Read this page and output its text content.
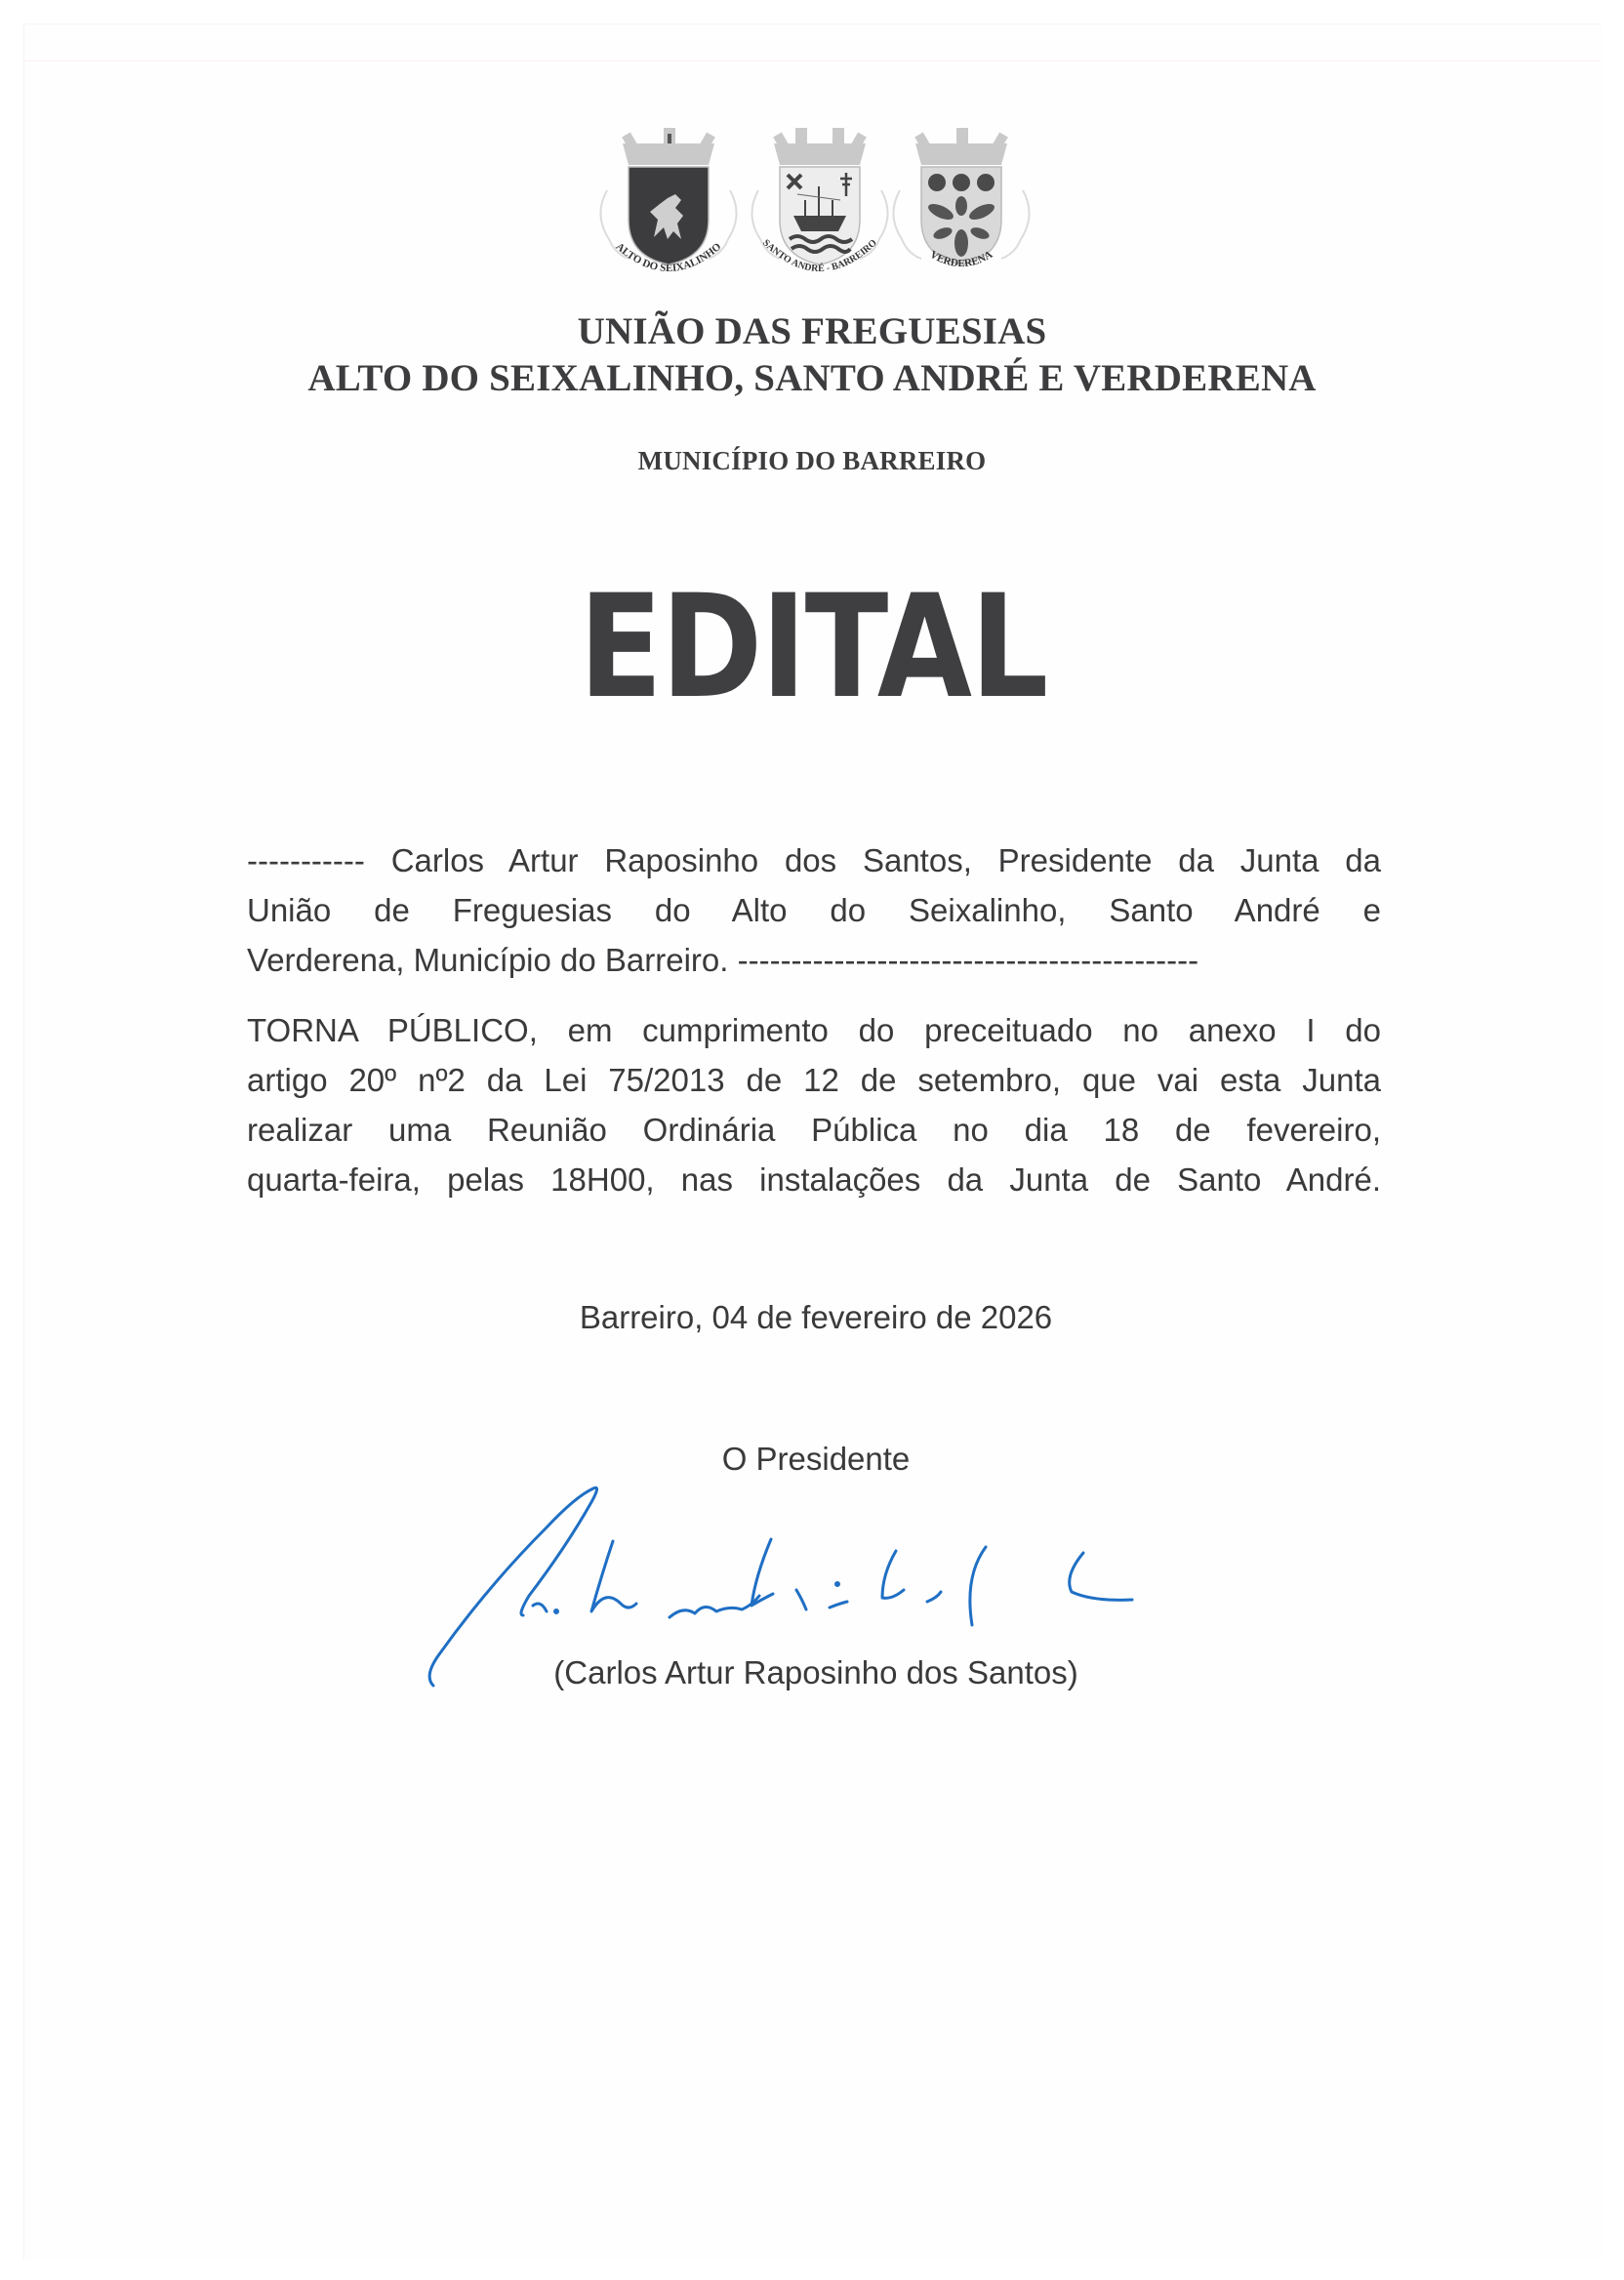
ALTO DO SEIXALINHO	SANTO ANDRÉ - BARREIRO
VERDERENA
UNIÃO DAS FREGUESIAS
ALTO DO SEIXALINHO, SANTO ANDRÉ E VERDERENA
MUNICÍPIO DO BARREIRO
EDITAL
----------- Carlos Artur Raposinho dos Santos, Presidente da Junta da
União de Freguesias do Alto do Seixalinho, Santo André e
Verderena, Município do Barreiro. -------------------------------------------
TORNA PÚBLICO, em cumprimento do preceituado no anexo I do
artigo 20º nº2 da Lei 75/2013 de 12 de setembro, que vai esta Junta
realizar uma Reunião Ordinária Pública no dia 18 de fevereiro,
quarta-feira, pelas 18H00, nas instalações da Junta de Santo André.
Barreiro, 04 de fevereiro de 2026
O Presidente
(Carlos Artur Raposinho dos Santos)
